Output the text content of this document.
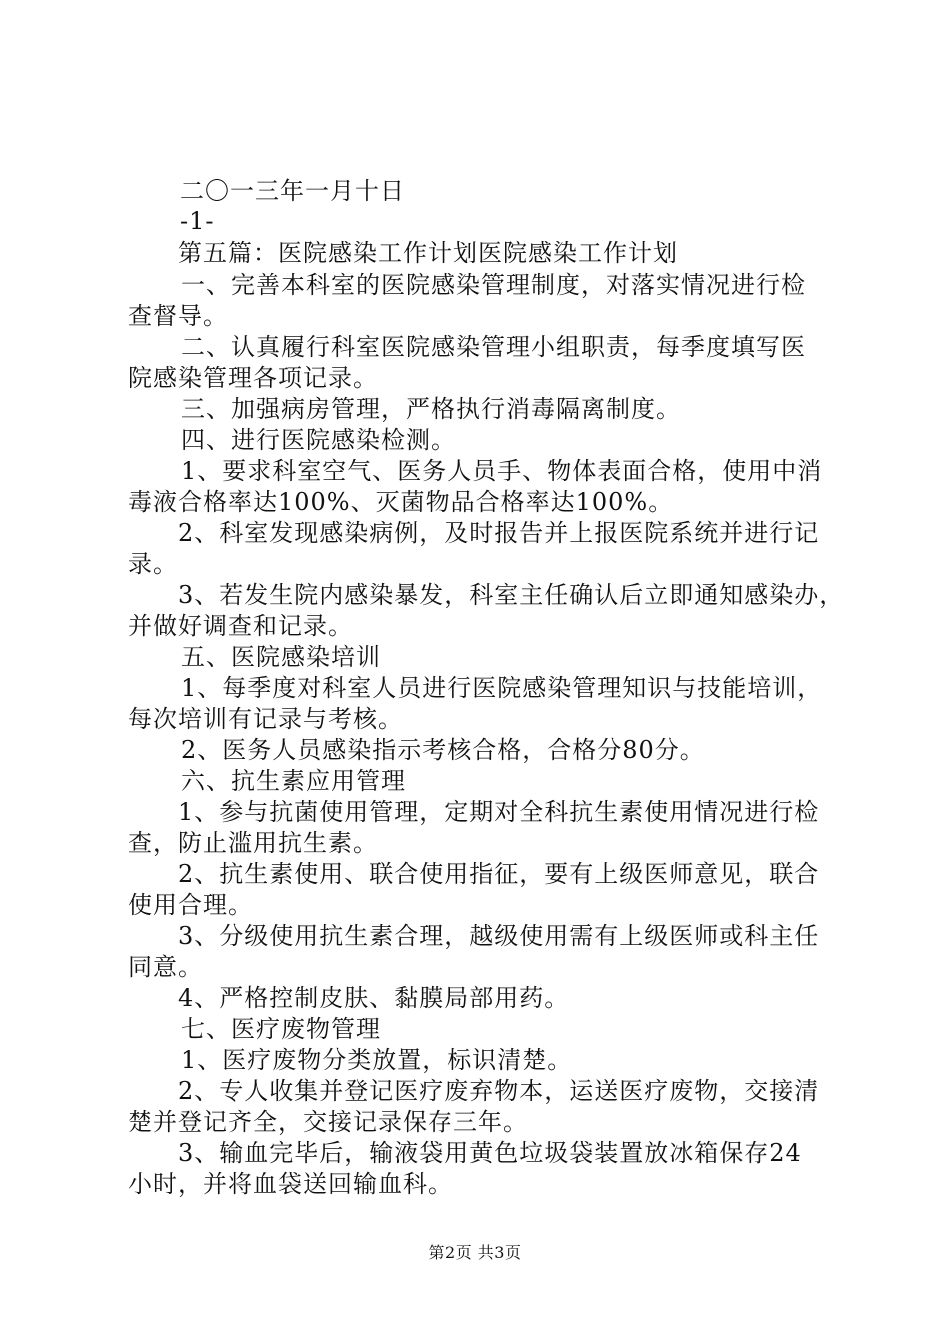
二〇一三年一月十日
-1-
第五篇：医院感染工作计划医院感染工作计划
一、完善本科室的医院感染管理制度，对落实情况进行检
查督导。
二、认真履行科室医院感染管理小组职责，每季度填写医
院感染管理各项记录。
三、加强病房管理，严格执行消毒隔离制度。
四、进行医院感染检测。
1、要求科室空气、医务人员手、物体表面合格，使用中消
毒液合格率达100%、灭菌物品合格率达100%。
2、科室发现感染病例，及时报告并上报医院系统并进行记
录。
3、若发生院内感染暴发，科室主任确认后立即通知感染办，
并做好调查和记录。
五、医院感染培训
1、每季度对科室人员进行医院感染管理知识与技能培训，
每次培训有记录与考核。
2、医务人员感染指示考核合格，合格分80分。
六、抗生素应用管理
1、参与抗菌使用管理，定期对全科抗生素使用情况进行检
查，防止滥用抗生素。
2、抗生素使用、联合使用指征，要有上级医师意见，联合
使用合理。
3、分级使用抗生素合理，越级使用需有上级医师或科主任
同意。
4、严格控制皮肤、黏膜局部用药。
七、医疗废物管理
1、医疗废物分类放置，标识清楚。
2、专人收集并登记医疗废弃物本，运送医疗废物，交接清
楚并登记齐全，交接记录保存三年。
3、输血完毕后，输液袋用黄色垃圾袋装置放冰箱保存24
小时，并将血袋送回输血科。
第2页 共3页
